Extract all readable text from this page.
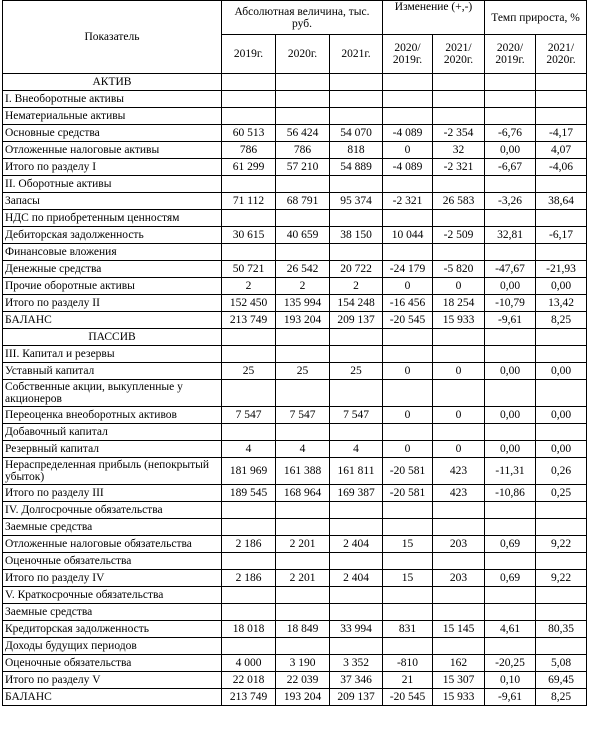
Показатель	Абсолютная величина, тыс. руб.			Изменение (+,-)		Темп прироста, %	
	2019г.	2020г.	2021г.	2020/ 2019г.	2021/ 2020г.	2020/ 2019г.	2021/ 2020г.
АКТИВ							
I. Внеоборотные активы							
Нематериальные активы							
Основные средства	60 513	56 424	54 070	-4 089	-2 354	-6,76	-4,17
Отложенные налоговые активы	786	786	818	0	32	0,00	4,07
Итого по разделу I	61 299	57 210	54 889	-4 089	-2 321	-6,67	-4,06
II. Оборотные активы							
Запасы	71 112	68 791	95 374	-2 321	26 583	-3,26	38,64
НДС по приобретенным ценностям							
Дебиторская задолженность	30 615	40 659	38 150	10 044	-2 509	32,81	-6,17
Финансовые вложения							
Денежные средства	50 721	26 542	20 722	-24 179	-5 820	-47,67	-21,93
Прочие оборотные активы	2	2	2	0	0	0,00	0,00
Итого по разделу II	152 450	135 994	154 248	-16 456	18 254	-10,79	13,42
БАЛАНС	213 749	193 204	209 137	-20 545	15 933	-9,61	8,25
ПАССИВ							
III. Капитал и резервы							
Уставный капитал	25	25	25	0	0	0,00	0,00
Собственные акции, выкупленные у акционеров							
Переоценка внеоборотных активов	7 547	7 547	7 547	0	0	0,00	0,00
Добавочный капитал							
Резервный капитал	4	4	4	0	0	0,00	0,00
Нераспределенная прибыль (непокрытый убыток)	181 969	161 388	161 811	-20 581	423	-11,31	0,26
Итого по разделу III	189 545	168 964	169 387	-20 581	423	-10,86	0,25
IV. Долгосрочные обязательства							
Заемные средства							
Отложенные налоговые обязательства	2 186	2 201	2 404	15	203	0,69	9,22
Оценочные обязательства							
Итого по разделу IV	2 186	2 201	2 404	15	203	0,69	9,22
V. Краткосрочные обязательства							
Заемные средства							
Кредиторская задолженность	18 018	18 849	33 994	831	15 145	4,61	80,35
Доходы будущих периодов							
Оценочные обязательства	4 000	3 190	3 352	-810	162	-20,25	5,08
Итого по разделу V	22 018	22 039	37 346	21	15 307	0,10	69,45
БАЛАНС	213 749	193 204	209 137	-20 545	15 933	-9,61	8,25
